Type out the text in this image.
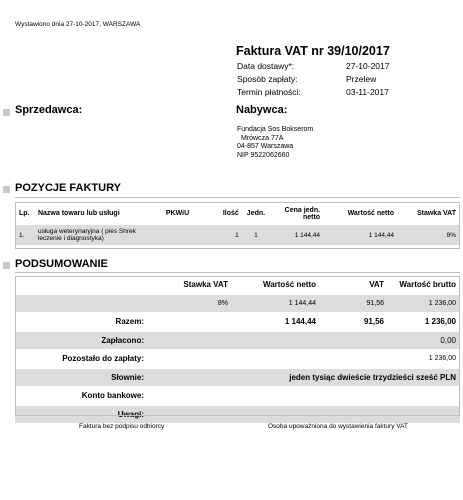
Wystawiono dnia 27-10-2017, WARSZAWA
Faktura VAT nr 39/10/2017
Data dostawy*:	27-10-2017
Sposób zapłaty:	Przelew
Termin płatności:	03-11-2017
Sprzedawca:	Nabywca:
Fundacja Sos Bokserom
Mrówcza 77A
04-857 Warszawa
NIP 9522062660
POZYCJE FAKTURY
Lp.	Nazwa towaru lub usługi	PKWiU	Ilość	Jedn.	Cena jedn. netto	Wartość netto	Stawka VAT
1.	usługa weterynaryjna ( pies Shrek leczenie i diagnostyka)		1	1	1 144,44	1 144,44	8%
PODSUMOWANIE
	Stawka VAT	Wartość netto	VAT	Wartość brutto
	8%	1 144,44	91,56	1 236,00
Razem:		1 144,44	91,56	1 236,00
Zapłacono:	0,00			
Pozostało do zapłaty:	1 236,00			
Słownie:	jeden tysiąc dwieście trzydzieści sześć PLN			
Konto bankowe:				
Uwagi:				
Faktura bez podpisu odbiorcy	Osoba upoważniona do wystawienia faktury VAT
